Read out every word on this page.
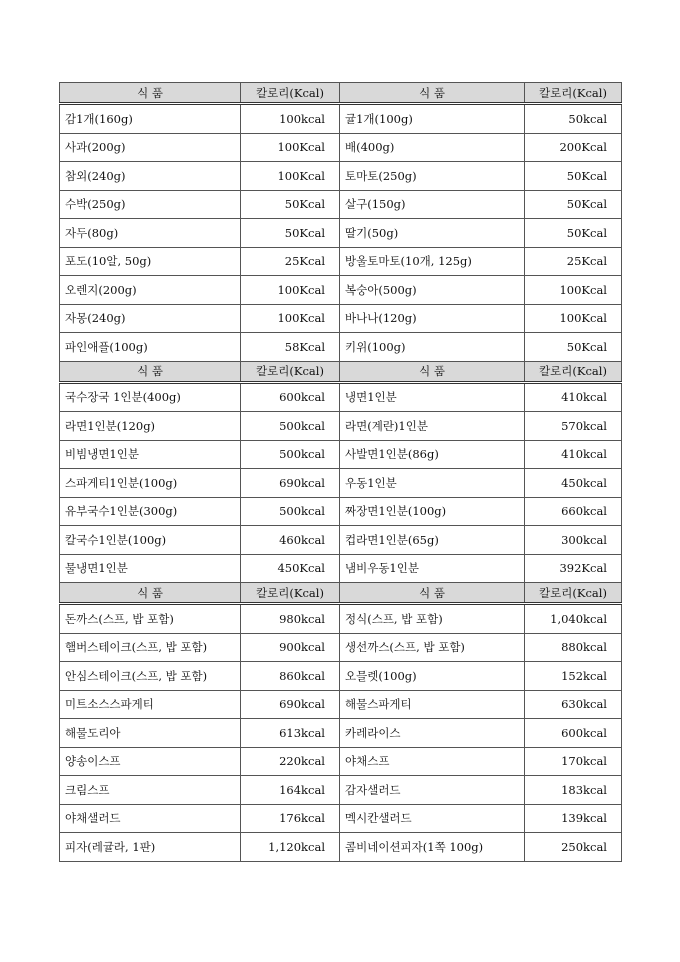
식 품	칼로리(Kcal)	식 품	칼로리(Kcal)
감1개(160g)	100kcal	귤1개(100g)	50kcal
사과(200g)	100Kcal	배(400g)	200Kcal
참외(240g)	100Kcal	토마토(250g)	50Kcal
수박(250g)	50Kcal	살구(150g)	50Kcal
자두(80g)	50Kcal	딸기(50g)	50Kcal
포도(10알, 50g)	25Kcal	방울토마토(10개, 125g)	25Kcal
오렌지(200g)	100Kcal	복숭아(500g)	100Kcal
자몽(240g)	100Kcal	바나나(120g)	100Kcal
파인애플(100g)	58Kcal	키위(100g)	50Kcal
식 품	칼로리(Kcal)	식 품	칼로리(Kcal)
국수장국 1인분(400g)	600kcal	냉면1인분	410kcal
라면1인분(120g)	500kcal	라면(계란)1인분	570kcal
비빔냉면1인분	500kcal	사발면1인분(86g)	410kcal
스파게티1인분(100g)	690kcal	우동1인분	450kcal
유부국수1인분(300g)	500kcal	짜장면1인분(100g)	660kcal
칼국수1인분(100g)	460kcal	컵라면1인분(65g)	300kcal
물냉면1인분	450Kcal	냄비우동1인분	392Kcal
식 품	칼로리(Kcal)	식 품	칼로리(Kcal)
돈까스(스프, 밥 포함)	980kcal	정식(스프, 밥 포함)	1,040kcal
햄버스테이크(스프, 밥 포함)	900kcal	생선까스(스프, 밥 포함)	880kcal
안심스테이크(스프, 밥 포함)	860kcal	오믈렛(100g)	152kcal
미트소스스파게티	690kcal	해물스파게티	630kcal
해물도리아	613kcal	카레라이스	600kcal
양송이스프	220kcal	야채스프	170kcal
크림스프	164kcal	감자샐러드	183kcal
야채샐러드	176kcal	멕시칸샐러드	139kcal
피자(레귤라, 1판)	1,120kcal	콤비네이션피자(1쪽 100g)	250kcal
